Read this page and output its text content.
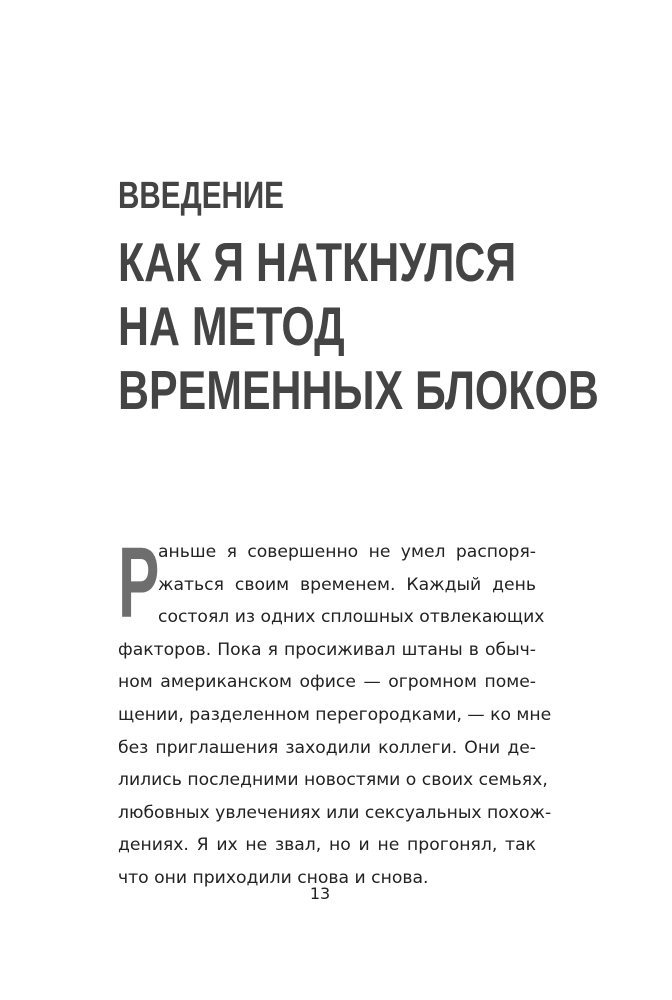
ВВЕДЕНИЕ
КАК Я НАТКНУЛСЯ
НА МЕТОД
ВРЕМЕННЫХ БЛОКОВ
Р
аньше я совершенно не умел распоря-
жаться своим временем. Каждый день
состоял из одних сплошных отвлекающих
факторов. Пока я просиживал штаны в обыч-
ном американском офисе — огромном поме-
щении, разделенном перегородками, — ко мне
без приглашения заходили коллеги. Они де-
лились последними новостями о своих семьях,
любовных увлечениях или сексуальных похож-
дениях. Я их не звал, но и не прогонял, так
что они приходили снова и снова.
13
